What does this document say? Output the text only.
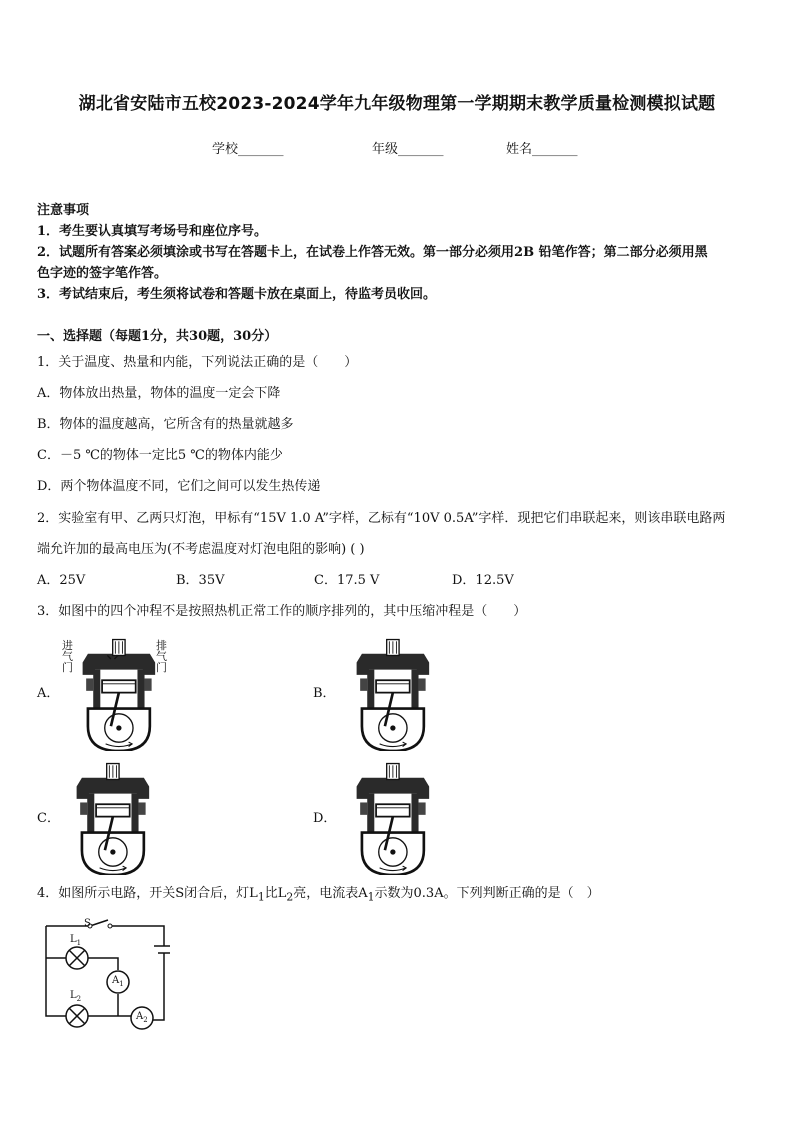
湖北省安陆市五校2023-2024学年九年级物理第一学期期末教学质量检测模拟试题
学校_______	年级_______	姓名_______
注意事项
1．考生要认真填写考场号和座位序号。
2．试题所有答案必须填涂或书写在答题卡上，在试卷上作答无效。第一部分必须用2B 铅笔作答；第二部分必须用黑
色字迹的签字笔作答。
3．考试结束后，考生须将试卷和答题卡放在桌面上，待监考员收回。
一、选择题（每题1分，共30题，30分）
1．关于温度、热量和内能，下列说法正确的是（　　）
A．物体放出热量，物体的温度一定会下降
B．物体的温度越高，它所含有的热量就越多
C．－5 ℃的物体一定比5 ℃的物体内能少
D．两个物体温度不同，它们之间可以发生热传递
2．实验室有甲、乙两只灯泡，甲标有“15V 1.0 A”字样，乙标有“10V 0.5A”字样．现把它们串联起来，则该串联电路两
端允许加的最高电压为(不考虑温度对灯泡电阻的影响) ( )
A．25V	B．35V	C．17.5 V	D．12.5V
3．如图中的四个冲程不是按照热机正常工作的顺序排列的，其中压缩冲程是（　　）
A．
进
气
门
排
气
门
B．
C．	D．
4．如图所示电路，开关S闭合后，灯$L_1$比$L_2$亮，电流表$A_1$示数为0.3A。下列判断正确的是（　）
S
$L_1$
$L_2$
$A_1$
$A_2$
